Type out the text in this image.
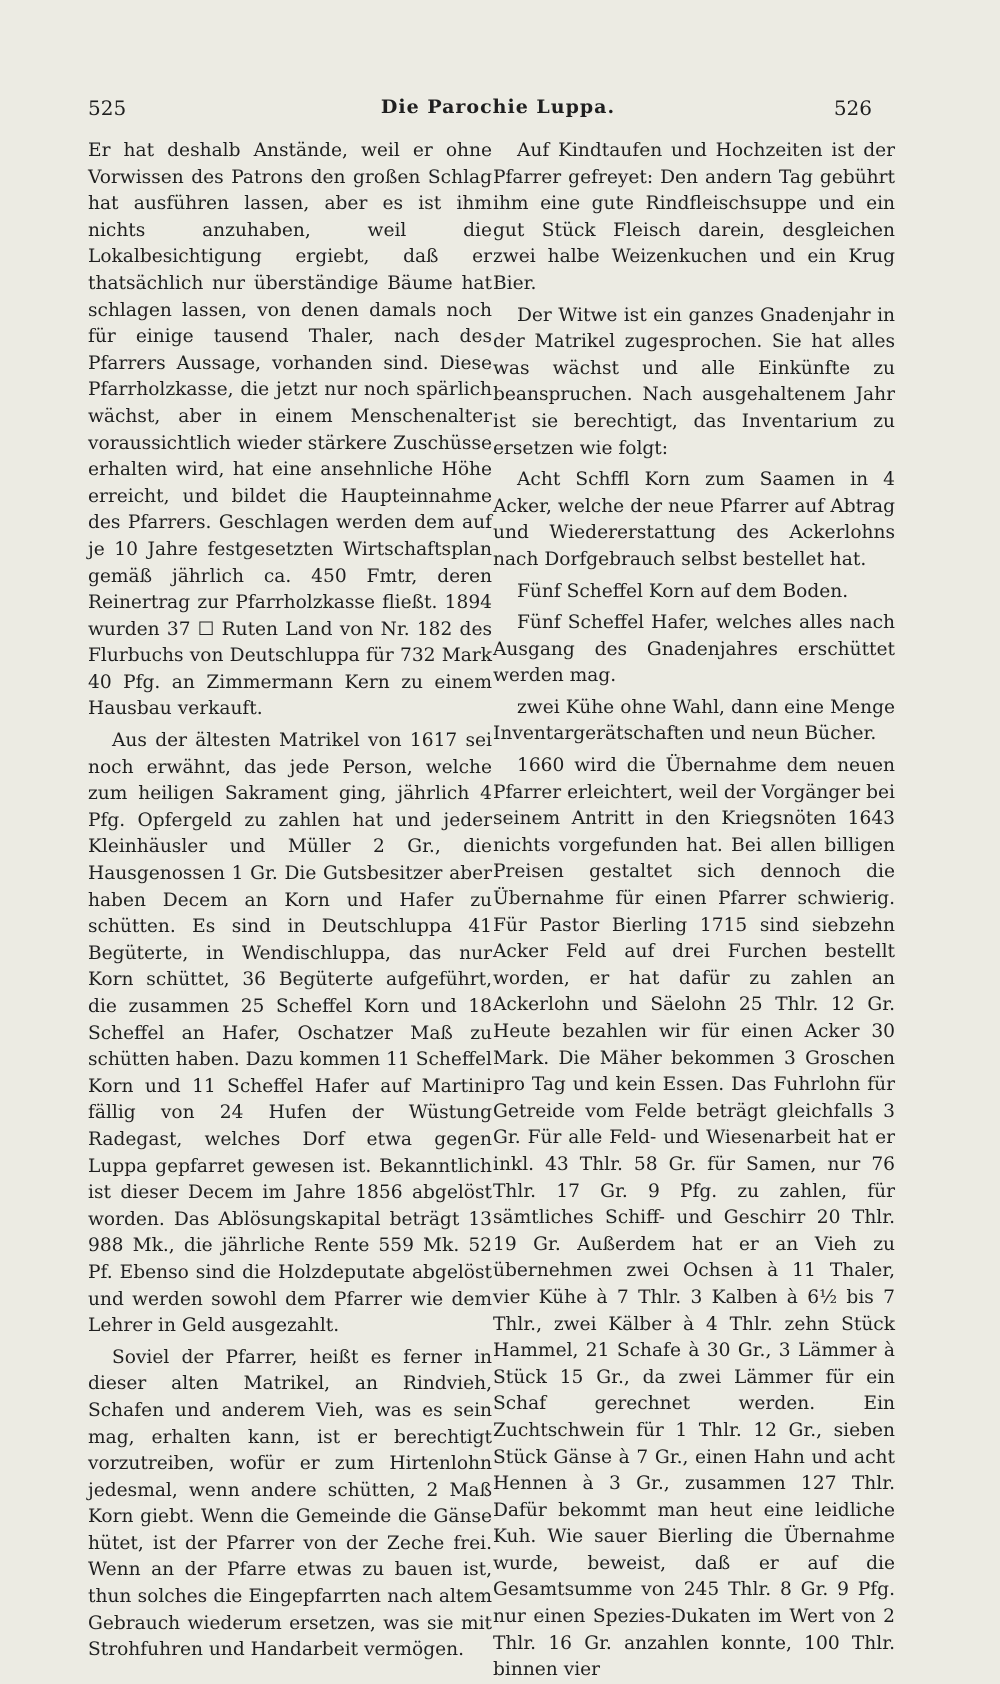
525	Die Parochie Luppa.	526

Er hat deshalb Anstände, weil er ohne Vorwissen des Patrons den großen Schlag hat ausführen lassen, aber es ist ihm nichts anzuhaben, weil die Lokalbesichtigung ergiebt, daß er thatsächlich nur überständige Bäume hat schlagen lassen, von denen damals noch für einige tausend Thaler, nach des Pfarrers Aussage, vorhanden sind. Diese Pfarrholzkasse, die jetzt nur noch spärlich wächst, aber in einem Menschenalter voraussichtlich wieder stärkere Zuschüsse erhalten wird, hat eine ansehnliche Höhe erreicht, und bildet die Haupteinnahme des Pfarrers. Geschlagen werden dem auf je 10 Jahre festgesetzten Wirtschaftsplan gemäß jährlich ca. 450 Fmtr, deren Reinertrag zur Pfarrholzkasse fließt. 1894 wurden 37 ☐ Ruten Land von Nr. 182 des Flurbuchs von Deutschluppa für 732 Mark 40 Pfg. an Zimmermann Kern zu einem Hausbau verkauft.

Aus der ältesten Matrikel von 1617 sei noch erwähnt, das jede Person, welche zum heiligen Sakrament ging, jährlich 4 Pfg. Opfergeld zu zahlen hat und jeder Kleinhäusler und Müller 2 Gr., die Hausgenossen 1 Gr. Die Gutsbesitzer aber haben Decem an Korn und Hafer zu schütten. Es sind in Deutschluppa 41 Begüterte, in Wendischluppa, das nur Korn schüttet, 36 Begüterte aufgeführt, die zusammen 25 Scheffel Korn und 18 Scheffel an Hafer, Oschatzer Maß zu schütten haben. Dazu kommen 11 Scheffel Korn und 11 Scheffel Hafer auf Martini fällig von 24 Hufen der Wüstung Radegast, welches Dorf etwa gegen Luppa gepfarret gewesen ist. Bekanntlich ist dieser Decem im Jahre 1856 abgelöst worden. Das Ablösungskapital beträgt 13 988 Mk., die jährliche Rente 559 Mk. 52 Pf. Ebenso sind die Holzdeputate abgelöst und werden sowohl dem Pfarrer wie dem Lehrer in Geld ausgezahlt.

Soviel der Pfarrer, heißt es ferner in dieser alten Matrikel, an Rindvieh, Schafen und anderem Vieh, was es sein mag, erhalten kann, ist er berechtigt vorzutreiben, wofür er zum Hirtenlohn jedesmal, wenn andere schütten, 2 Maß Korn giebt. Wenn die Gemeinde die Gänse hütet, ist der Pfarrer von der Zeche frei. Wenn an der Pfarre etwas zu bauen ist, thun solches die Eingepfarrten nach altem Gebrauch wiederum ersetzen, was sie mit Strohfuhren und Handarbeit vermögen.

Auf Kindtaufen und Hochzeiten ist der Pfarrer gefreyet: Den andern Tag gebührt ihm eine gute Rindfleischsuppe und ein gut Stück Fleisch darein, desgleichen zwei halbe Weizenkuchen und ein Krug Bier.

Der Witwe ist ein ganzes Gnadenjahr in der Matrikel zugesprochen. Sie hat alles was wächst und alle Einkünfte zu beanspruchen. Nach ausgehaltenem Jahr ist sie berechtigt, das Inventarium zu ersetzen wie folgt:

Acht Schffl Korn zum Saamen in 4 Acker, welche der neue Pfarrer auf Abtrag und Wiedererstattung des Ackerlohns nach Dorfgebrauch selbst bestellet hat.

Fünf Scheffel Korn auf dem Boden.

Fünf Scheffel Hafer, welches alles nach Ausgang des Gnadenjahres erschüttet werden mag.

zwei Kühe ohne Wahl, dann eine Menge Inventargerätschaften und neun Bücher.

1660 wird die Übernahme dem neuen Pfarrer erleichtert, weil der Vorgänger bei seinem Antritt in den Kriegsnöten 1643 nichts vorgefunden hat. Bei allen billigen Preisen gestaltet sich dennoch die Übernahme für einen Pfarrer schwierig. Für Pastor Bierling 1715 sind siebzehn Acker Feld auf drei Furchen bestellt worden, er hat dafür zu zahlen an Ackerlohn und Säelohn 25 Thlr. 12 Gr. Heute bezahlen wir für einen Acker 30 Mark. Die Mäher bekommen 3 Groschen pro Tag und kein Essen. Das Fuhrlohn für Getreide vom Felde beträgt gleichfalls 3 Gr. Für alle Feld- und Wiesenarbeit hat er inkl. 43 Thlr. 58 Gr. für Samen, nur 76 Thlr. 17 Gr. 9 Pfg. zu zahlen, für sämtliches Schiff- und Geschirr 20 Thlr. 19 Gr. Außerdem hat er an Vieh zu übernehmen zwei Ochsen à 11 Thaler, vier Kühe à 7 Thlr. 3 Kalben à 6½ bis 7 Thlr., zwei Kälber à 4 Thlr. zehn Stück Hammel, 21 Schafe à 30 Gr., 3 Lämmer à Stück 15 Gr., da zwei Lämmer für ein Schaf gerechnet werden. Ein Zuchtschwein für 1 Thlr. 12 Gr., sieben Stück Gänse à 7 Gr., einen Hahn und acht Hennen à 3 Gr., zusammen 127 Thlr. Dafür bekommt man heut eine leidliche Kuh. Wie sauer Bierling die Übernahme wurde, beweist, daß er auf die Gesamtsumme von 245 Thlr. 8 Gr. 9 Pfg. nur einen Spezies-Dukaten im Wert von 2 Thlr. 16 Gr. anzahlen konnte, 100 Thlr. binnen vier
